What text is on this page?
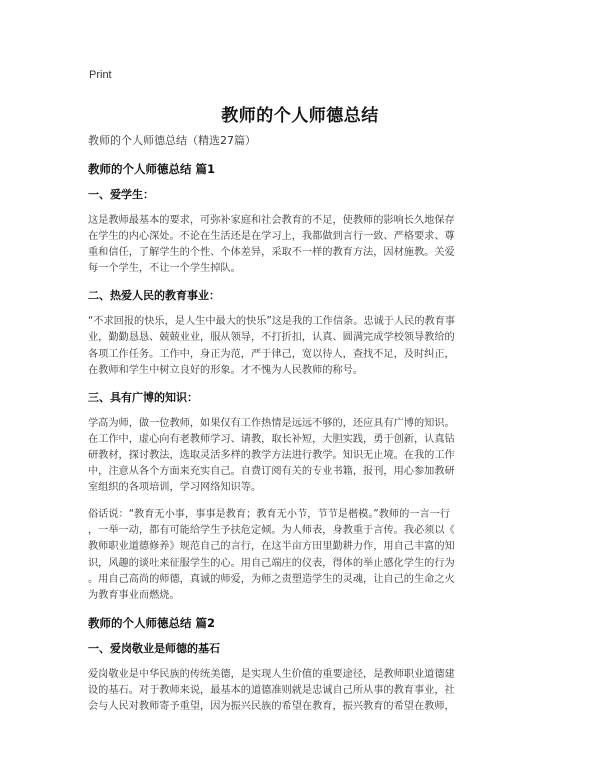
Print
教师的个人师德总结
教师的个人师德总结（精选27篇）
教师的个人师德总结 篇1
一、爱学生：
这是教师最基本的要求，可弥补家庭和社会教育的不足，使教师的影响长久地保存
在学生的内心深处。不论在生活还是在学习上，我都做到言行一致、严格要求、尊
重和信任，了解学生的个性、个体差异，采取不一样的教育方法，因材施教。关爱
每一个学生，不让一个学生掉队。
二、热爱人民的教育事业：
“不求回报的快乐，是人生中最大的快乐”这是我的工作信条。忠诚于人民的教育事
业，勤勤恳恳、兢兢业业，服从领导，不打折扣，认真、圆满完成学校领导教给的
各项工作任务。工作中，身正为范，严于律己，宽以待人，查找不足，及时纠正，
在教师和学生中树立良好的形象。才不愧为人民教师的称号。
三、具有广博的知识：
学高为师，做一位教师，如果仅有工作热情是远远不够的，还应具有广博的知识。
在工作中，虚心向有老教师学习、请教，取长补短，大胆实践，勇于创新，认真钻
研教材，探讨教法，选取灵活多样的教学方法进行教学。知识无止境。在我的工作
中，注意从各个方面来充实自己。自费订阅有关的专业书籍，报刊，用心参加教研
室组织的各项培训，学习网络知识等。
俗话说：“教育无小事，事事是教育；教育无小节，节节是楷模。”教师的一言一行
，一举一动，都有可能给学生予扶危定倾。为人师表，身教重于言传。我必须以《
教师职业道德修养》规范自己的言行，在这半亩方田里勤耕力作，用自己丰富的知
识，风趣的谈吐来征服学生的心。用自己端庄的仪表，得体的举止感化学生的行为
。用自己高尚的师德，真诚的师爱，为师之责塑造学生的灵魂，让自己的生命之火
为教育事业而燃烧。
教师的个人师德总结 篇2
一、爱岗敬业是师德的基石
爱岗敬业是中华民族的传统美德，是实现人生价值的重要途径，是教师职业道德建
设的基石。对于教师来说，最基本的道德准则就是忠诚自己所从事的教育事业，社
会与人民对教师寄予重望，因为振兴民族的希望在教育，振兴教育的希望在教师，
